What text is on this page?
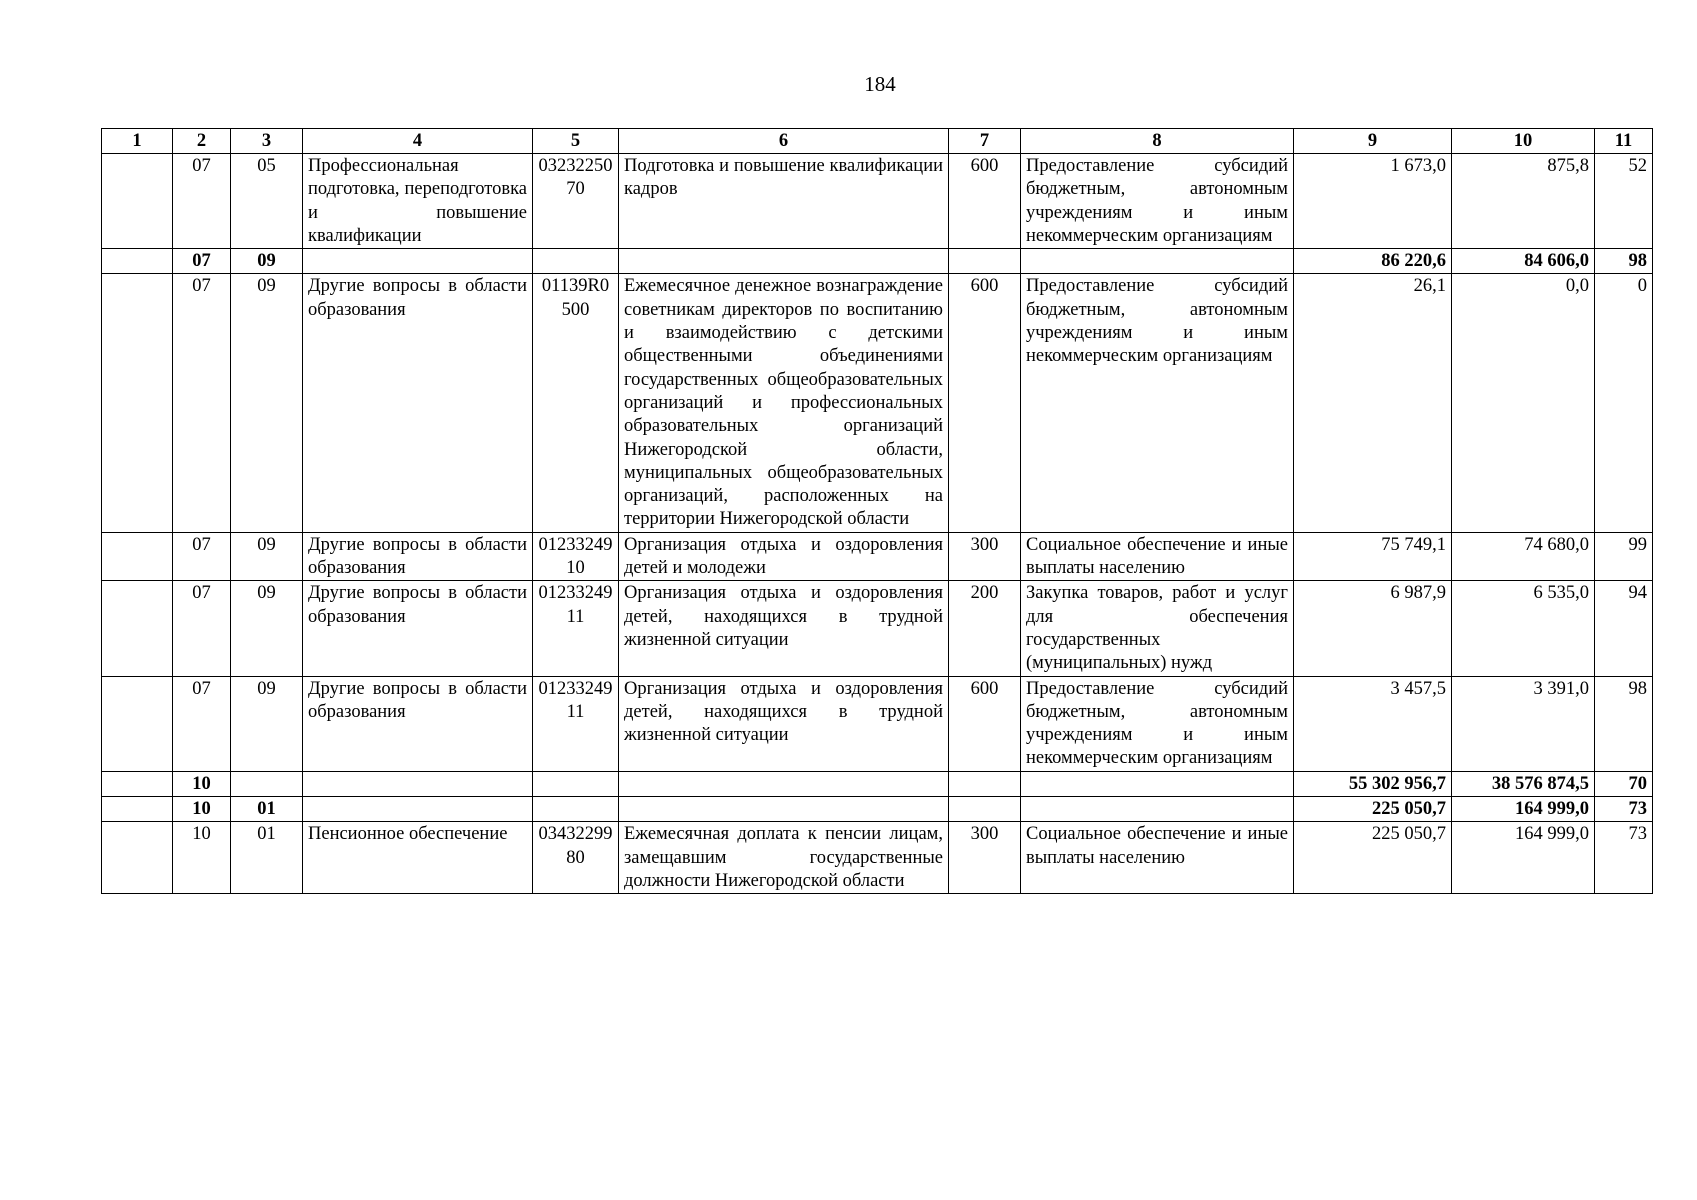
184
1	2	3	4	5	6	7	8	9	10	11
	07	05	Профессиональная подготовка, переподготовка и повышение квалификации	0323225070	Подготовка и повышение квалификации кадров	600	Предоставление субсидий бюджетным, автономным учреждениям и иным некоммерческим организациям	1 673,0	875,8	52
	07	09						86 220,6	84 606,0	98
	07	09	Другие вопросы в области образования	01139R0500	Ежемесячное денежное вознаграждение советникам директоров по воспитанию и взаимодействию с детскими общественными объединениями государственных общеобразовательных организаций и профессиональных образовательных организаций Нижегородской области, муниципальных общеобразовательных организаций, расположенных на территории Нижегородской области	600	Предоставление субсидий бюджетным, автономным учреждениям и иным некоммерческим организациям	26,1	0,0	0
	07	09	Другие вопросы в области образования	0123324910	Организация отдыха и оздоровления детей и молодежи	300	Социальное обеспечение и иные выплаты населению	75 749,1	74 680,0	99
	07	09	Другие вопросы в области образования	0123324911	Организация отдыха и оздоровления детей, находящихся в трудной жизненной ситуации	200	Закупка товаров, работ и услуг для обеспечения государственных (муниципальных) нужд	6 987,9	6 535,0	94
	07	09	Другие вопросы в области образования	0123324911	Организация отдыха и оздоровления детей, находящихся в трудной жизненной ситуации	600	Предоставление субсидий бюджетным, автономным учреждениям и иным некоммерческим организациям	3 457,5	3 391,0	98
	10							55 302 956,7	38 576 874,5	70
	10	01						225 050,7	164 999,0	73
	10	01	Пенсионное обеспечение	0343229980	Ежемесячная доплата к пенсии лицам, замещавшим государственные должности Нижегородской области	300	Социальное обеспечение и иные выплаты населению	225 050,7	164 999,0	73
